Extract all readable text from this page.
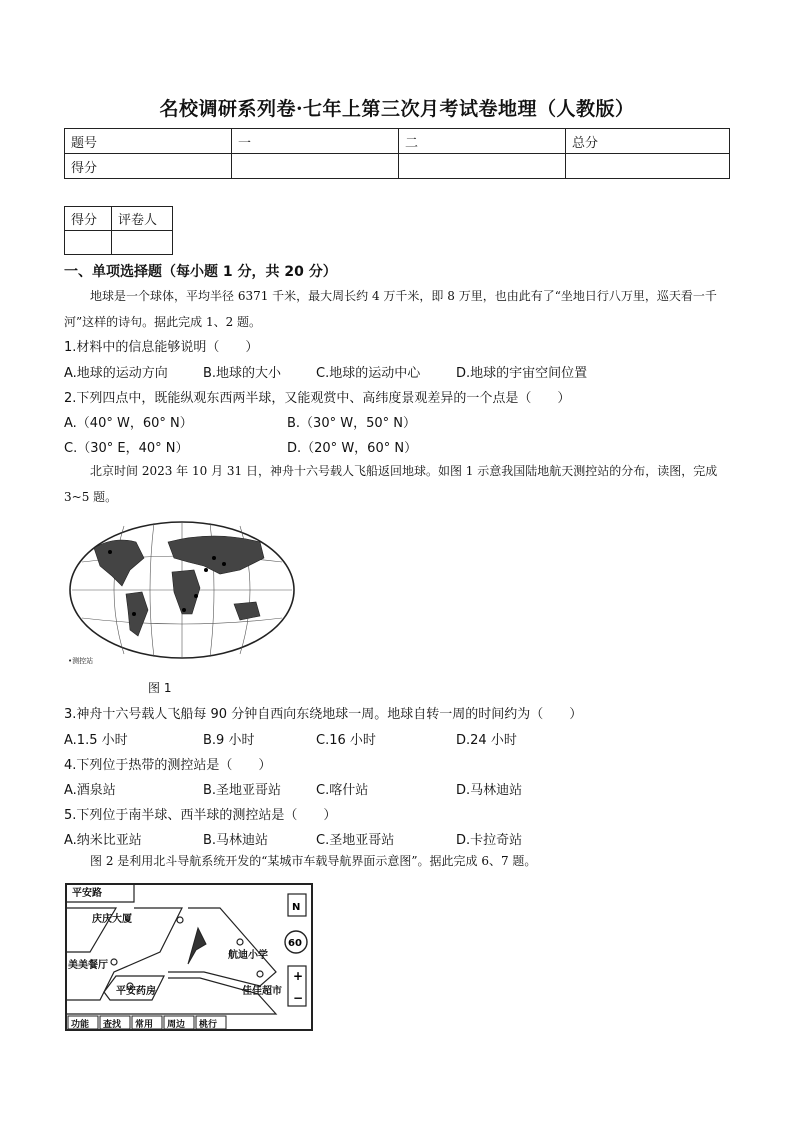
名校调研系列卷·七年上第三次月考试卷地理（人教版）
题号	一	二	总分
得分			
得分	评卷人

一、单项选择题（每小题 1 分，共 20 分）
地球是一个球体，平均半径 6371 千米，最大周长约 4 万千米，即 8 万里，也由此有了“坐地日行八万里，巡天看一千河”这样的诗句。据此完成 1、2 题。
1.材料中的信息能够说明（　　）
A.地球的运动方向	B.地球的大小	C.地球的运动中心	D.地球的宇宙空间位置
2.下列四点中，既能纵观东西两半球，又能观赏中、高纬度景观差异的一个点是（　　）
A.（40° W，60° N）	B.（30° W，50° N）
C.（30° E，40° N）	D.（20° W，60° N）
北京时间 2023 年 10 月 31 日，神舟十六号载人飞船返回地球。如图 1 示意我国陆地航天测控站的分布，读图，完成 3~5 题。
•测控站
图 1
3.神舟十六号载人飞船每 90 分钟自西向东绕地球一周。地球自转一周的时间约为（　　）
A.1.5 小时	B.9 小时	C.16 小时	D.24 小时
4.下列位于热带的测控站是（　　）
A.酒泉站	B.圣地亚哥站	C.喀什站	D.马林迪站
5.下列位于南半球、西半球的测控站是（　　）
A.纳米比亚站	B.马林迪站	C.圣地亚哥站	D.卡拉奇站
图 2 是利用北斗导航系统开发的“某城市车载导航界面示意图”。据此完成 6、7 题。
平安路
庆庆大厦
美美餐厅
平安药房
航迪小学
佳佳超市
N
60
+
−
功能 查找 常用 周边 桃行
